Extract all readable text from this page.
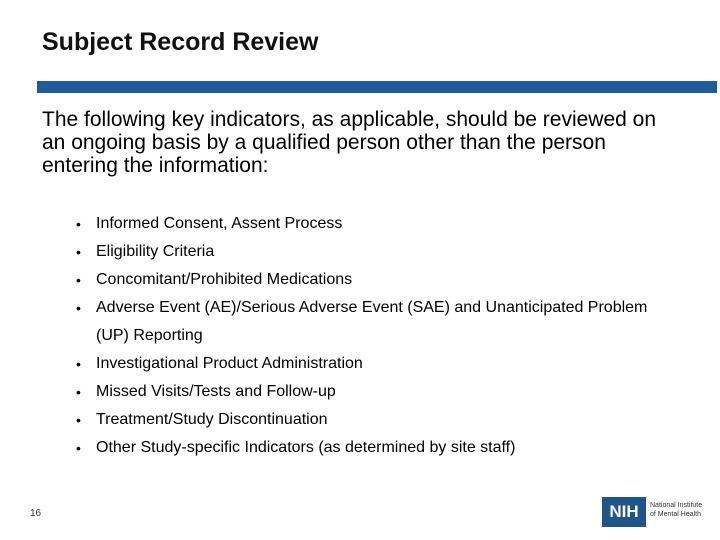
Subject Record Review
The following key indicators, as applicable, should be reviewed on an ongoing basis by a qualified person other than the person entering the information:
• Informed Consent, Assent Process
• Eligibility Criteria
• Concomitant/Prohibited Medications
• Adverse Event (AE)/Serious Adverse Event (SAE) and Unanticipated Problem (UP) Reporting
• Investigational Product Administration
• Missed Visits/Tests and Follow-up
• Treatment/Study Discontinuation
• Other Study-specific Indicators (as determined by site staff)
16	NIH	National Institute
of Mental Health
